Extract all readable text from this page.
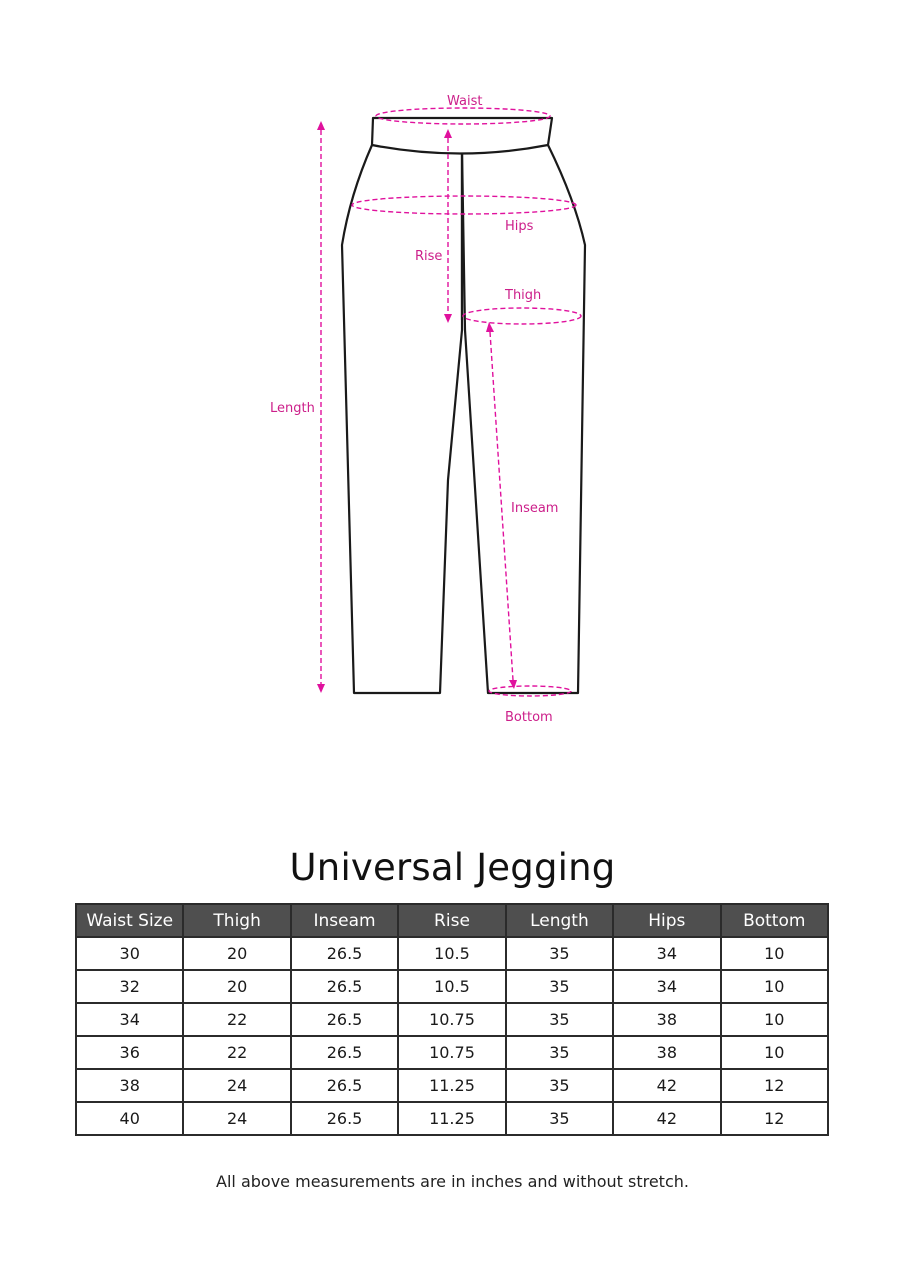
Waist
Hips
Thigh
Bottom
Rise
Length
Inseam
Universal Jegging
Waist Size	Thigh	Inseam	Rise	Length	Hips	Bottom
30	20	26.5	10.5	35	34	10
32	20	26.5	10.5	35	34	10
34	22	26.5	10.75	35	38	10
36	22	26.5	10.75	35	38	10
38	24	26.5	11.25	35	42	12
40	24	26.5	11.25	35	42	12
All above measurements are in inches and without stretch.
